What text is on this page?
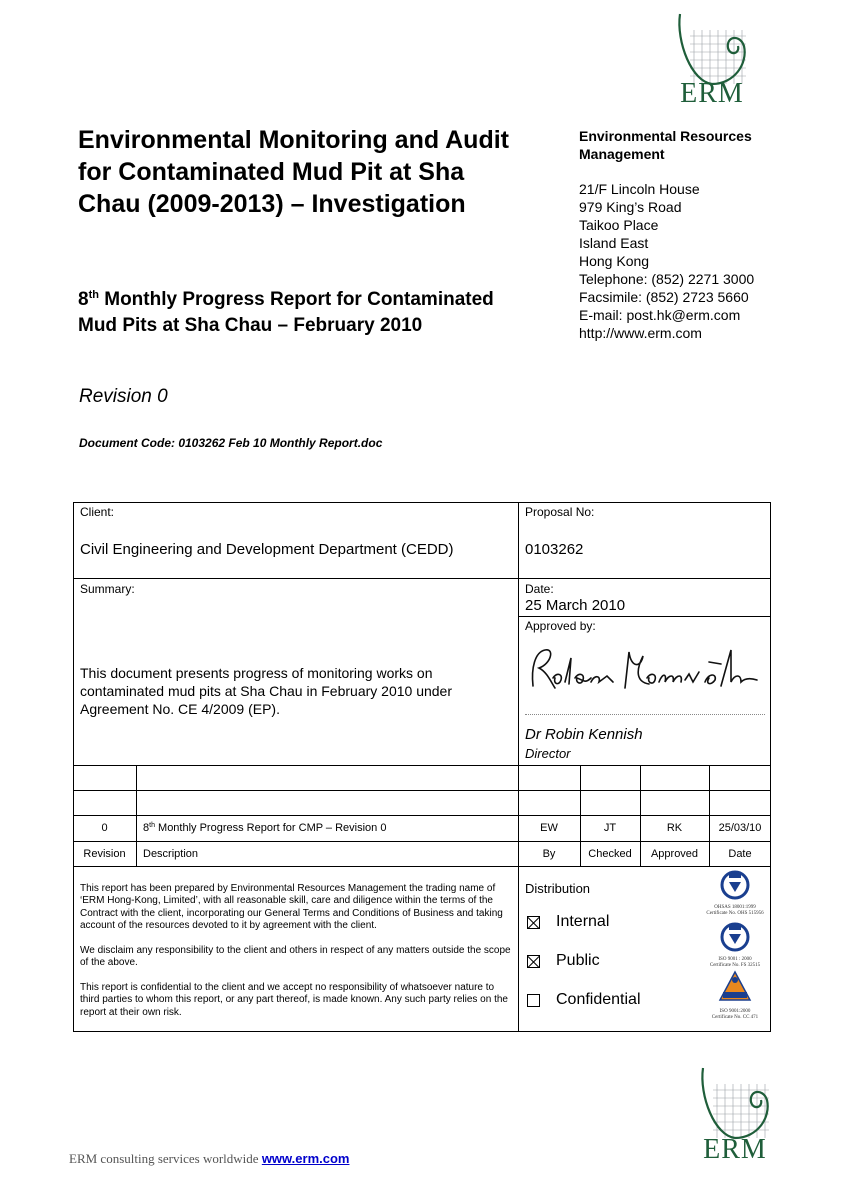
ERM
Environmental Monitoring and Audit for Contaminated Mud Pit at Sha Chau (2009-2013) – Investigation
8th Monthly Progress Report for Contaminated Mud Pits at Sha Chau – February 2010
Revision 0
Document Code: 0103262 Feb 10 Monthly Report.doc
Environmental Resources Management
21/F Lincoln House
979 King’s Road
Taikoo Place
Island East
Hong Kong
Telephone: (852) 2271 3000
Facsimile: (852) 2723 5660
E-mail: post.hk@erm.com
http://www.erm.com
Client:
Civil Engineering and Development Department (CEDD)
Proposal No:
0103262
Summary:
This document presents progress of monitoring works on contaminated mud pits at Sha Chau in February 2010 under Agreement No. CE 4/2009 (EP).
Date:
25 March 2010
Approved by:
Dr Robin Kennish
Director
0	8th Monthly Progress Report for CMP – Revision 0	EW	JT	RK	25/03/10
Revision	Description	By	Checked	Approved	Date
This report has been prepared by Environmental Resources Management the trading name of ‘ERM Hong-Kong, Limited’, with all reasonable skill, care and diligence within the terms of the Contract with the client, incorporating our General Terms and Conditions of Business and taking account of the resources devoted to it by agreement with the client.
We disclaim any responsibility to the client and others in respect of any matters outside the scope of the above.
This report is confidential to the client and we accept no responsibility of whatsoever nature to third parties to whom this report, or any part thereof, is made known. Any such party relies on the report at their own risk.
Distribution
Internal
Public
Confidential
OHSAS 18001:1999
Certificate No. OHS 515956
ISO 9001 : 2000
Certificate No. FS 32515
ISO 9001:2000
Certificate No. CC 471
ERM
ERM consulting services worldwide www.erm.com
